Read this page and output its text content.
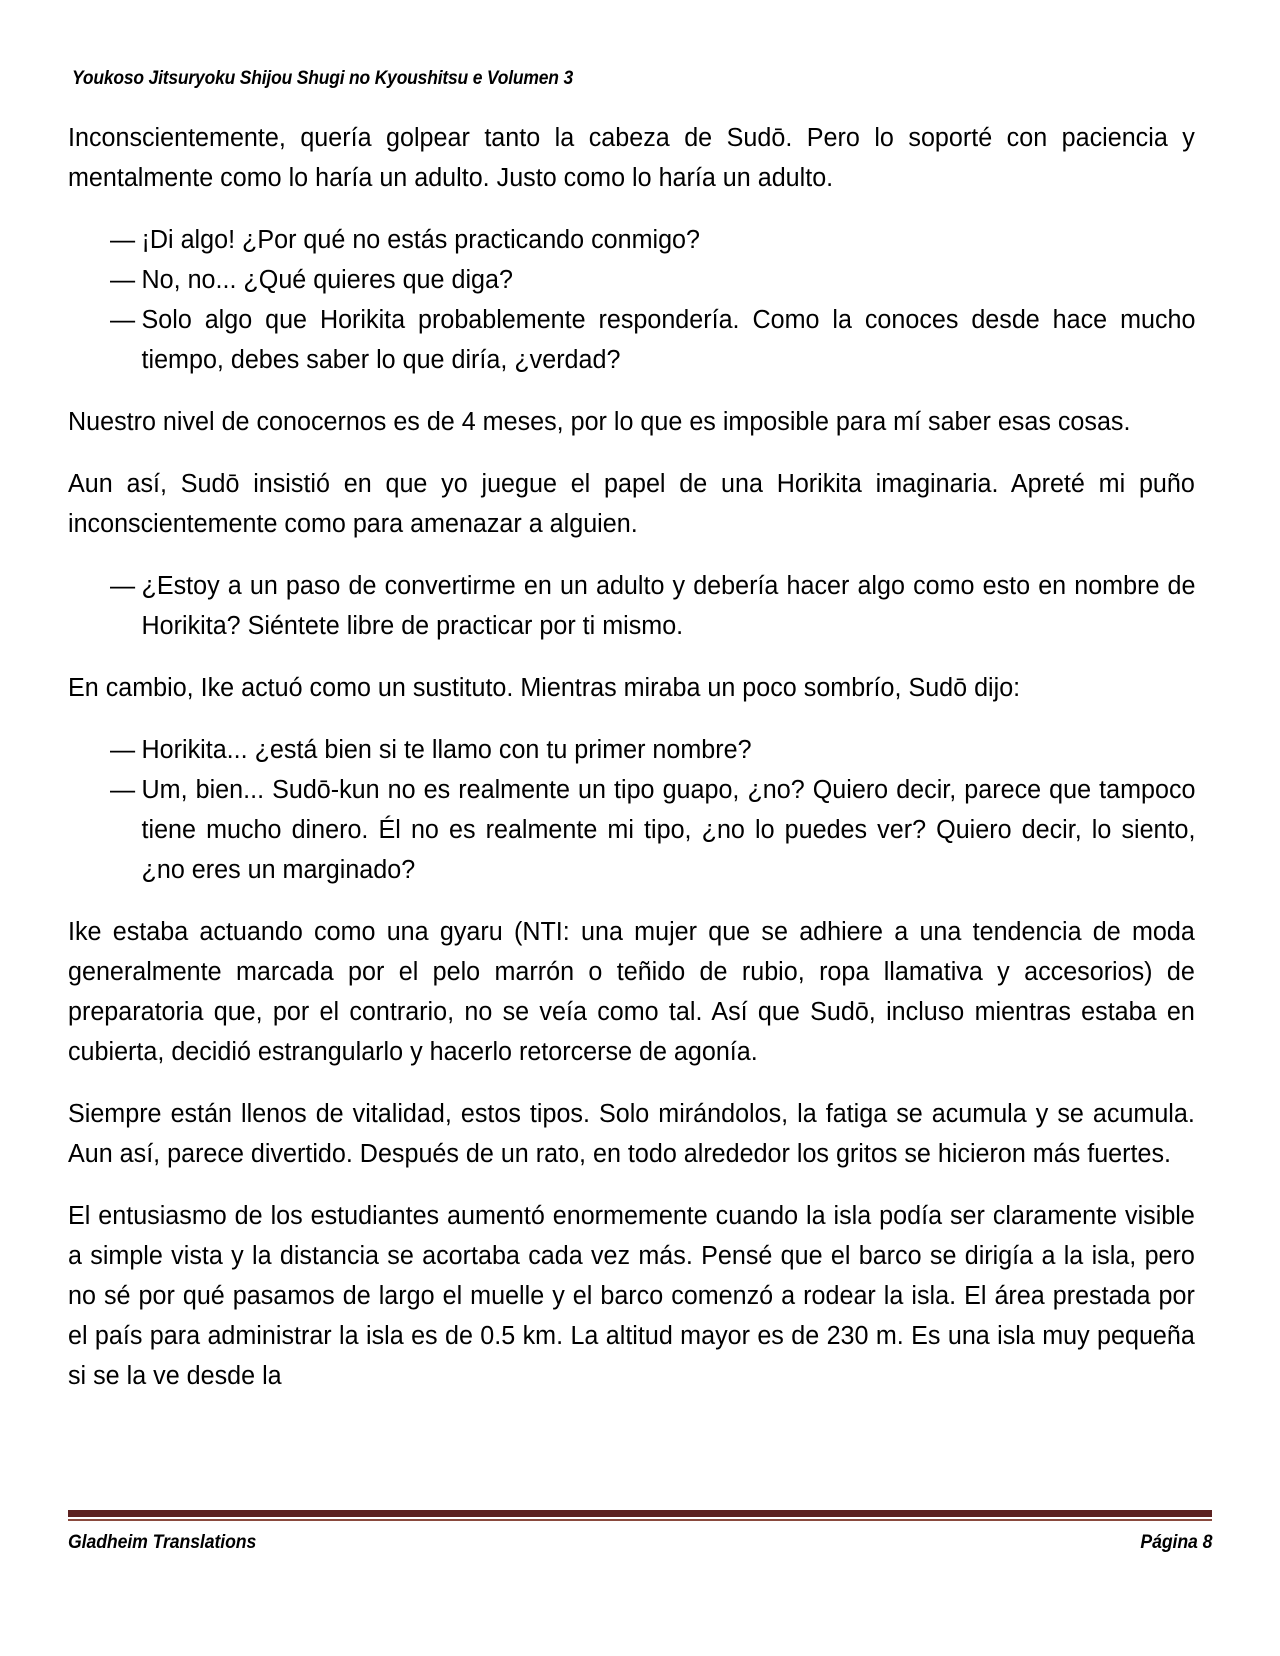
Youkoso Jitsuryoku Shijou Shugi no Kyoushitsu e Volumen 3

Inconscientemente, quería golpear tanto la cabeza de Sudō. Pero lo soporté con paciencia y mentalmente como lo haría un adulto. Justo como lo haría un adulto.

— ¡Di algo! ¿Por qué no estás practicando conmigo?

— No, no... ¿Qué quieres que diga?

— Solo algo que Horikita probablemente respondería. Como la conoces desde hace mucho tiempo, debes saber lo que diría, ¿verdad?

Nuestro nivel de conocernos es de 4 meses, por lo que es imposible para mí saber esas cosas.

Aun así, Sudō insistió en que yo juegue el papel de una Horikita imaginaria. Apreté mi puño inconscientemente como para amenazar a alguien.

— ¿Estoy a un paso de convertirme en un adulto y debería hacer algo como esto en nombre de Horikita? Siéntete libre de practicar por ti mismo.

En cambio, Ike actuó como un sustituto. Mientras miraba un poco sombrío, Sudō dijo:

— Horikita... ¿está bien si te llamo con tu primer nombre?

— Um, bien... Sudō-kun no es realmente un tipo guapo, ¿no? Quiero decir, parece que tampoco tiene mucho dinero. Él no es realmente mi tipo, ¿no lo puedes ver? Quiero decir, lo siento, ¿no eres un marginado?

Ike estaba actuando como una gyaru (NTI: una mujer que se adhiere a una tendencia de moda generalmente marcada por el pelo marrón o teñido de rubio, ropa llamativa y accesorios) de preparatoria que, por el contrario, no se veía como tal. Así que Sudō, incluso mientras estaba en cubierta, decidió estrangularlo y hacerlo retorcerse de agonía.

Siempre están llenos de vitalidad, estos tipos. Solo mirándolos, la fatiga se acumula y se acumula. Aun así, parece divertido. Después de un rato, en todo alrededor los gritos se hicieron más fuertes.

El entusiasmo de los estudiantes aumentó enormemente cuando la isla podía ser claramente visible a simple vista y la distancia se acortaba cada vez más. Pensé que el barco se dirigía a la isla, pero no sé por qué pasamos de largo el muelle y el barco comenzó a rodear la isla. El área prestada por el país para administrar la isla es de 0.5 km. La altitud mayor es de 230 m. Es una isla muy pequeña si se la ve desde la

Gladheim Translations	Página 8
